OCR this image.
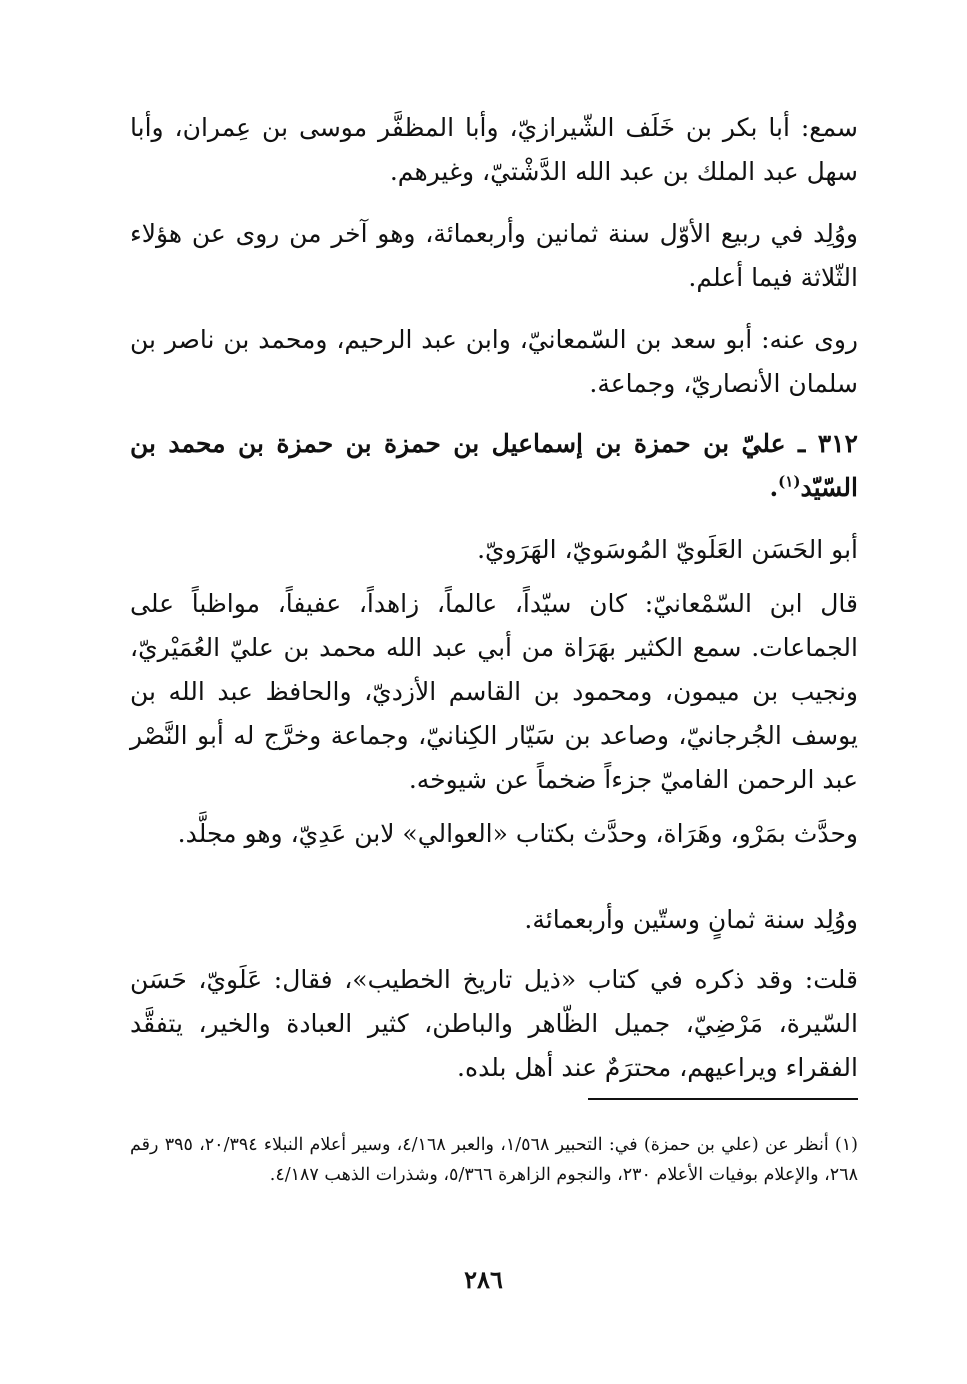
سمع: أبا بكر بن خَلَف الشّيرازيّ، وأبا المظفَّر موسى بن عِمران، وأبا سهل عبد الملك بن عبد الله الدَّشْتيّ، وغيرهم.

ووُلِد في ربيع الأوّل سنة ثمانين وأربعمائة، وهو آخر من روى عن هؤلاء الثّلاثة فيما أعلم.

روى عنه: أبو سعد بن السّمعانيّ، وابن عبد الرحيم، ومحمد بن ناصر بن سلمان الأنصاريّ، وجماعة.

٣١٢ ـ عليّ بن حمزة بن إسماعيل بن حمزة بن حمزة بن محمد بن السّيّد$^{(١)}$.

أبو الحَسَن العَلَويّ المُوسَويّ، الهَرَويّ.

قال ابن السّمْعانيّ: كان سيّداً، عالماً، زاهداً، عفيفاً، مواظباً على الجماعات. سمع الكثير بهَرَاة من أبي عبد الله محمد بن عليّ العُمَيْريّ، ونجيب بن ميمون، ومحمود بن القاسم الأزديّ، والحافظ عبد الله بن يوسف الجُرجانيّ، وصاعد بن سَيّار الكِنانيّ، وجماعة وخرَّج له أبو النَّصْر عبد الرحمن الفاميّ جزءاً ضخماً عن شيوخه.

وحدَّث بمَرْو، وهَرَاة، وحدَّث بكتاب «العوالي» لابن عَدِيّ، وهو مجلَّد.

ووُلِد سنة ثمانٍ وستّين وأربعمائة.

قلت: وقد ذكره في كتاب «ذيل تاريخ الخطيب»، فقال: عَلَويّ، حَسَن السّيرة، مَرْضِيّ، جميل الظّاهر والباطن، كثير العبادة والخير، يتفقَّد الفقراء ويراعيهم، محترَمٌ عند أهل بلده.

(١) أنظر عن (علي بن حمزة) في: التحبير ١/٥٦٨، والعبر ٤/١٦٨، وسير أعلام النبلاء ٢٠/٣٩٤، ٣٩٥ رقم ٢٦٨، والإعلام بوفيات الأعلام ٢٣٠، والنجوم الزاهرة ٥/٣٦٦، وشذرات الذهب ٤/١٨٧.

٢٨٦
